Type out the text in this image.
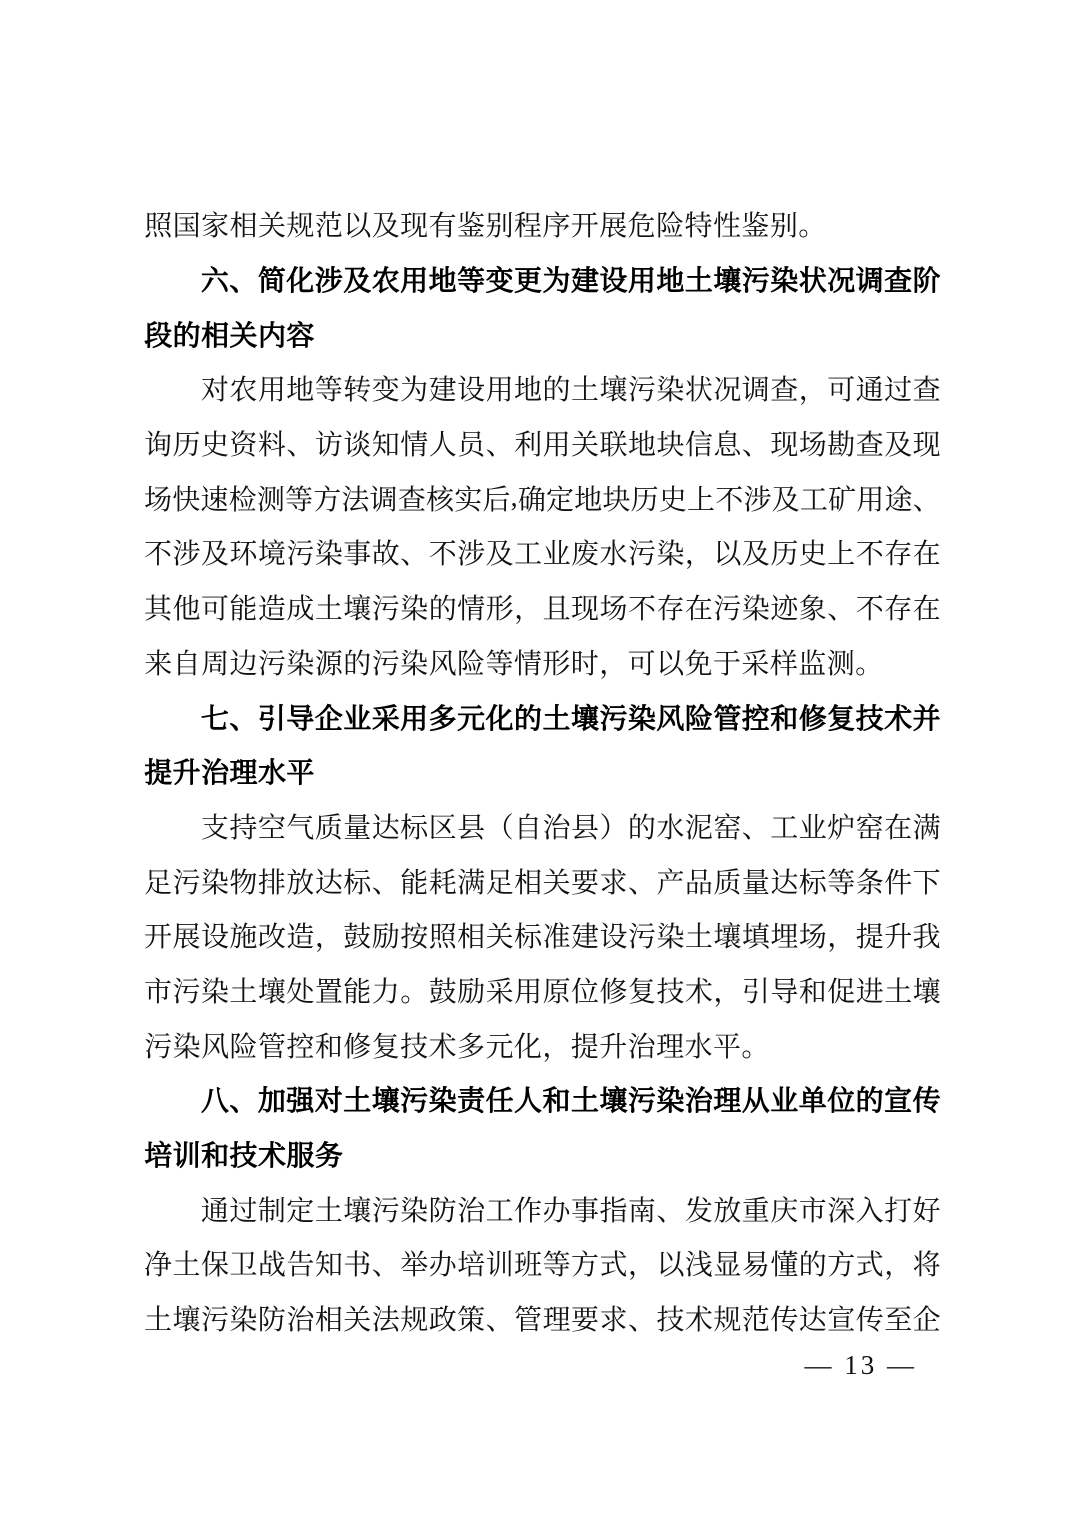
照 国 家 相 关 规 范 以 及 现 有 鉴 别 程 序 开 展 危 险 特 性 鉴 别 。
六 、 简 化 涉 及 农 用 地 等 变 更 为 建 设 用 地 土 壤 污 染 状 况 调 查 阶
段 的 相 关 内 容
对 农 用 地 等 转 变 为 建 设 用 地 的 土 壤 污 染 状 况 调 查 ， 可 通 过 查
询 历 史 资 料 、 访 谈 知 情 人 员 、 利 用 关 联 地 块 信 息 、 现 场 勘 查 及 现
场 快 速 检 测 等 方 法 调 查 核 实 后 , 确 定 地 块 历 史 上 不 涉 及 工 矿 用 途 、
不 涉 及 环 境 污 染 事 故 、 不 涉 及 工 业 废 水 污 染 ， 以 及 历 史 上 不 存 在
其 他 可 能 造 成 土 壤 污 染 的 情 形 ， 且 现 场 不 存 在 污 染 迹 象 、 不 存 在
来 自 周 边 污 染 源 的 污 染 风 险 等 情 形 时 ， 可 以 免 于 采 样 监 测 。
七 、 引 导 企 业 采 用 多 元 化 的 土 壤 污 染 风 险 管 控 和 修 复 技 术 并
提 升 治 理 水 平
支 持 空 气 质 量 达 标 区 县 （ 自 治 县 ） 的 水 泥 窑 、 工 业 炉 窑 在 满
足 污 染 物 排 放 达 标 、 能 耗 满 足 相 关 要 求 、 产 品 质 量 达 标 等 条 件 下
开 展 设 施 改 造 ， 鼓 励 按 照 相 关 标 准 建 设 污 染 土 壤 填 埋 场 ， 提 升 我
市 污 染 土 壤 处 置 能 力 。 鼓 励 采 用 原 位 修 复 技 术 ， 引 导 和 促 进 土 壤
污 染 风 险 管 控 和 修 复 技 术 多 元 化 ， 提 升 治 理 水 平 。
八 、 加 强 对 土 壤 污 染 责 任 人 和 土 壤 污 染 治 理 从 业 单 位 的 宣 传
培 训 和 技 术 服 务
通 过 制 定 土 壤 污 染 防 治 工 作 办 事 指 南 、 发 放 重 庆 市 深 入 打 好
净 土 保 卫 战 告 知 书 、 举 办 培 训 班 等 方 式 ， 以 浅 显 易 懂 的 方 式 ， 将
土 壤 污 染 防 治 相 关 法 规 政 策 、 管 理 要 求 、 技 术 规 范 传 达 宣 传 至 企
— 13 —
